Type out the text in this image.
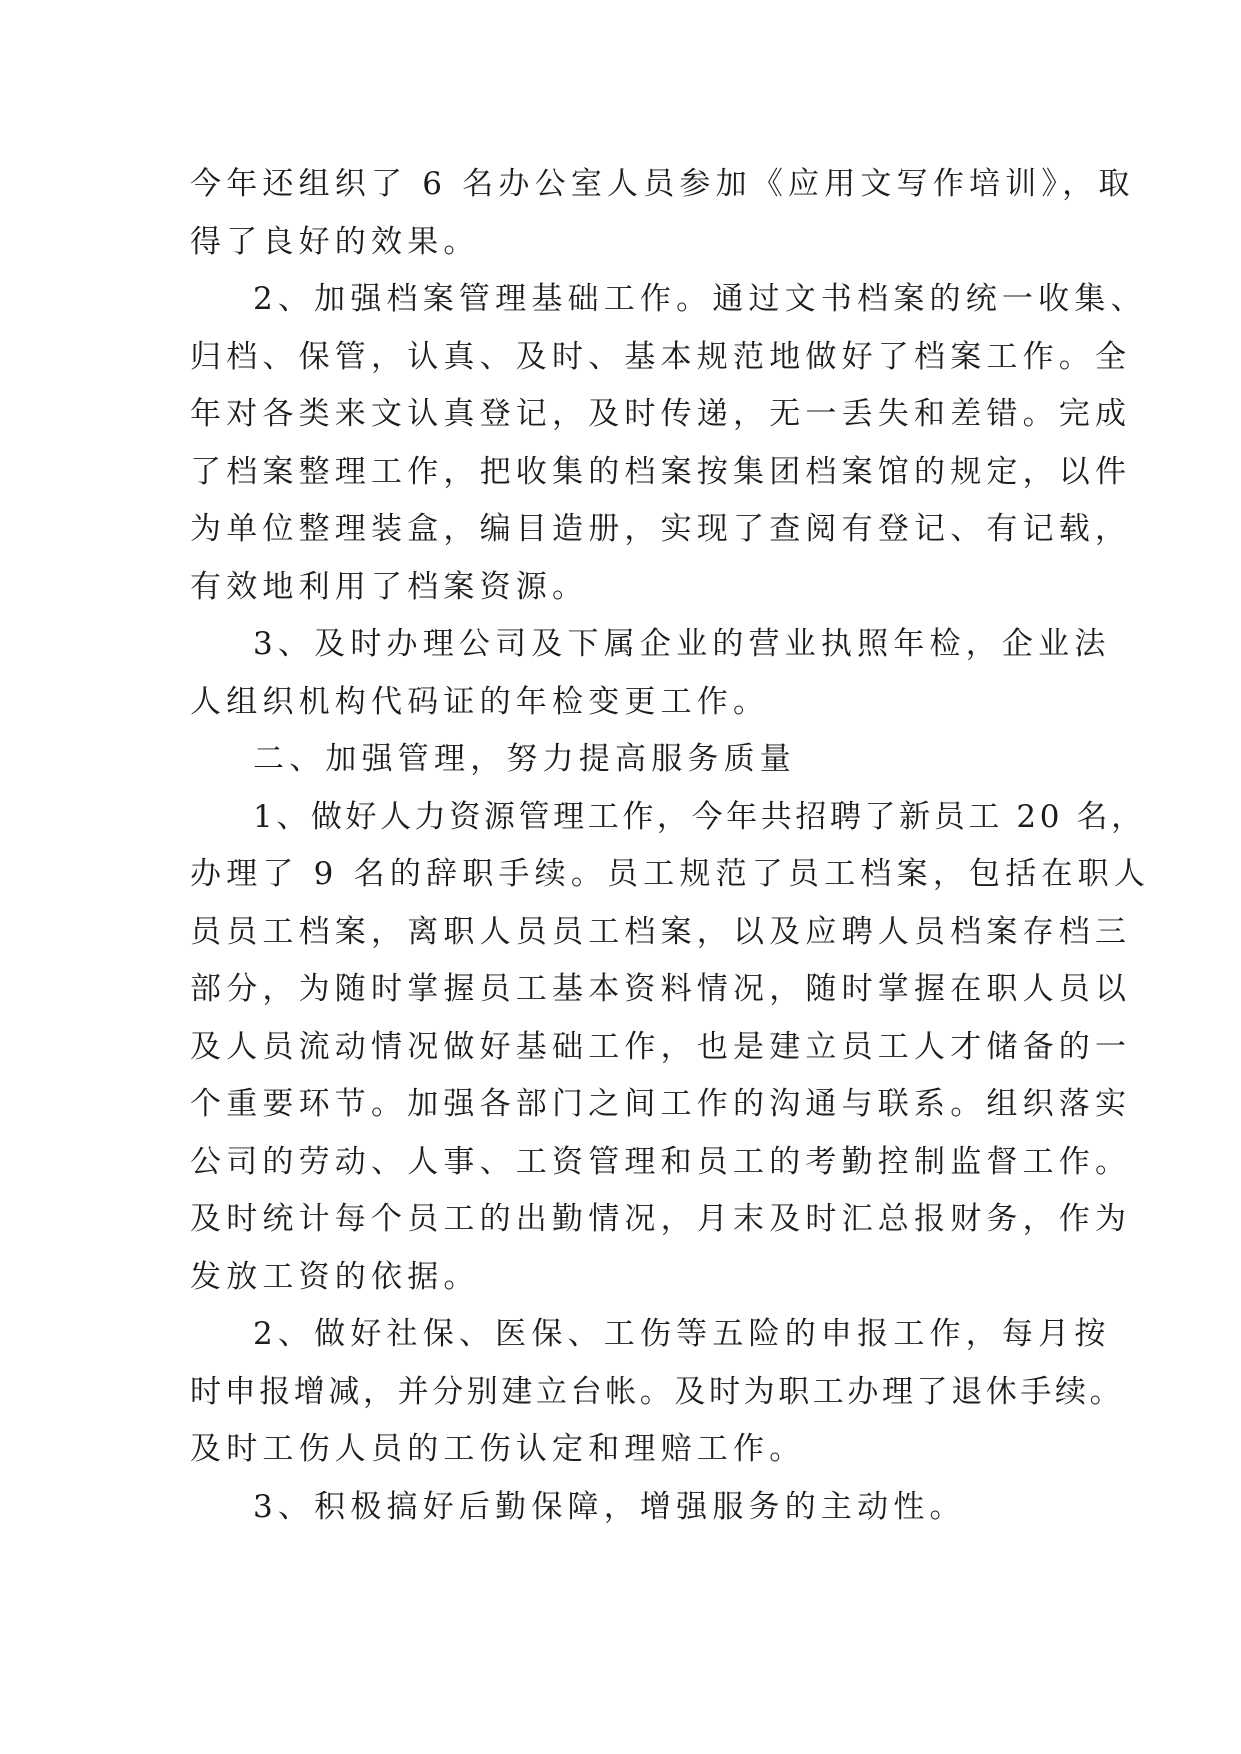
今年还组织了 6 名办公室人员参加《应用文写作培训》，取
得了良好的效果。
2、加强档案管理基础工作。通过文书档案的统一收集、
归档、保管，认真、及时、基本规范地做好了档案工作。全
年对各类来文认真登记，及时传递，无一丢失和差错。完成
了档案整理工作，把收集的档案按集团档案馆的规定，以件
为单位整理装盒，编目造册，实现了查阅有登记、有记载，
有效地利用了档案资源。
3、及时办理公司及下属企业的营业执照年检，企业法
人组织机构代码证的年检变更工作。
二、加强管理，努力提高服务质量
1、做好人力资源管理工作，今年共招聘了新员工 20 名，
办理了 9 名的辞职手续。员工规范了员工档案，包括在职人
员员工档案，离职人员员工档案，以及应聘人员档案存档三
部分，为随时掌握员工基本资料情况，随时掌握在职人员以
及人员流动情况做好基础工作，也是建立员工人才储备的一
个重要环节。加强各部门之间工作的沟通与联系。组织落实
公司的劳动、人事、工资管理和员工的考勤控制监督工作。
及时统计每个员工的出勤情况，月末及时汇总报财务，作为
发放工资的依据。
2、做好社保、医保、工伤等五险的申报工作，每月按
时申报增减，并分别建立台帐。及时为职工办理了退休手续。
及时工伤人员的工伤认定和理赔工作。
3、积极搞好后勤保障，增强服务的主动性。
